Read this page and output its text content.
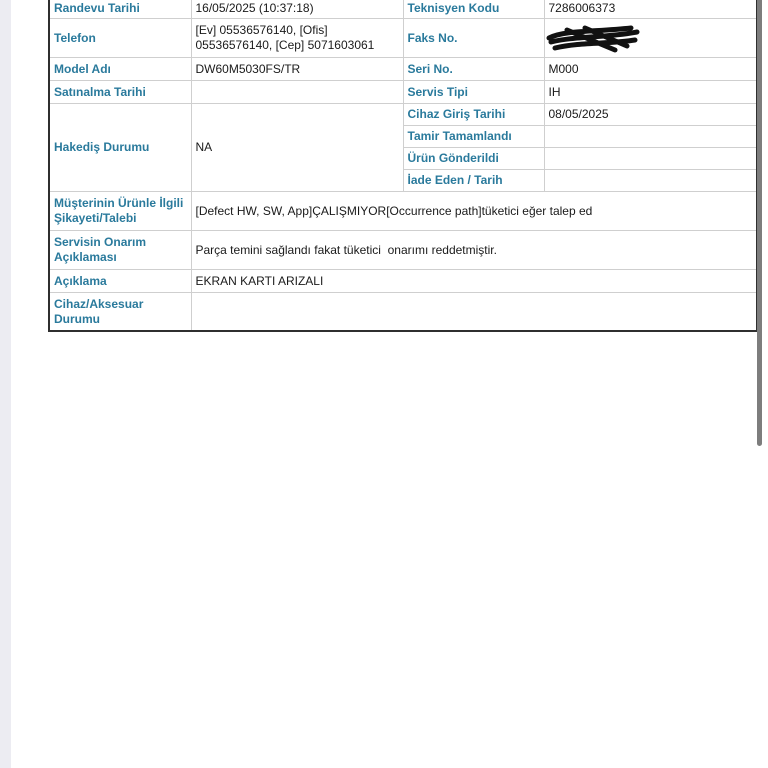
Randevu Tarihi	16/05/2025 (10:37:18)	Teknisyen Kodu	7286006373
Telefon	[Ev] 05536576140, [Ofis] 05536576140, [Cep] 5071603061	Faks No.	

Model Adı	DW60M5030FS/TR	Seri No.	M000
Satınalma Tarihi		Servis Tipi	IH
Hakediş Durumu	NA	Cihaz Giriş Tarihi	08/05/2025
		Tamir Tamamlandı	
		Ürün Gönderildi	
		İade Eden / Tarih	
Müşterinin Ürünle İlgili Şikayeti/Talebi	[Defect HW, SW, App]ÇALIŞMIYOR[Occurrence path]tüketici eğer talep ed		
Servisin Onarım Açıklaması	Parça temini sağlandı fakat tüketici  onarımı reddetmiştir.		
Açıklama	EKRAN KARTI ARIZALI		
Cihaz/Aksesuar Durumu			
